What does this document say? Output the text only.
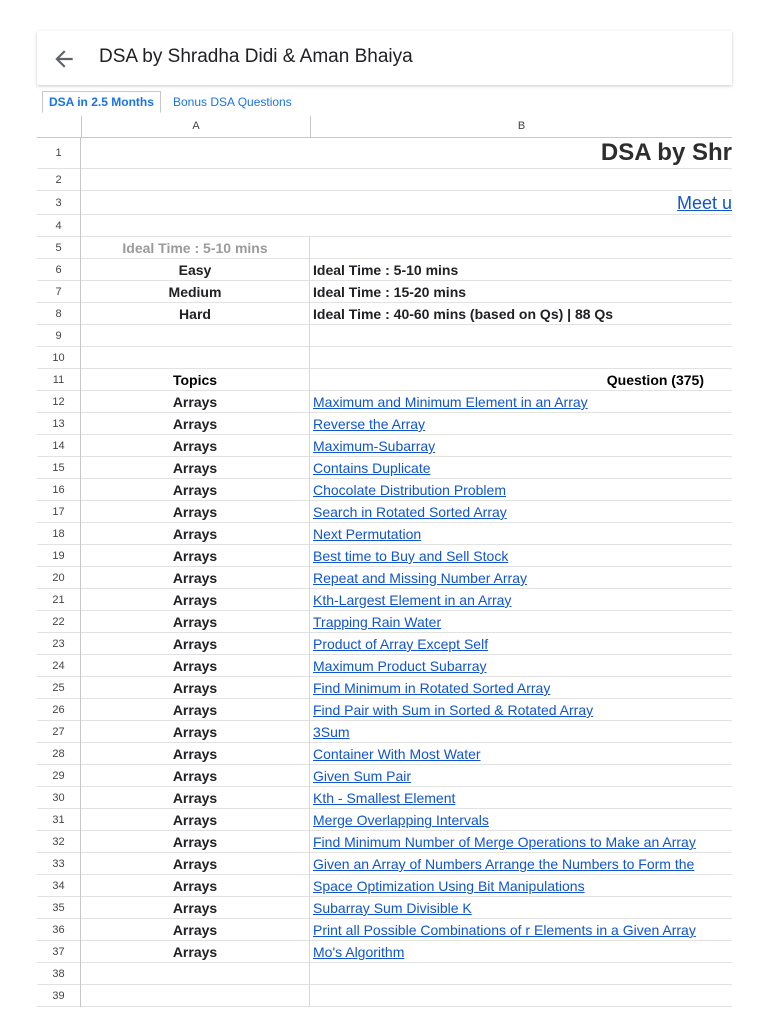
DSA by Shradha Didi & Aman Bhaiya
DSA in 2.5 Months	Bonus DSA Questions
A	B
1	DSA by Shr
2
3	Meet u
4
5	Ideal Time : 5-10 mins
6	Easy	Ideal Time : 5-10 mins
7	Medium	Ideal Time : 15-20 mins
8	Hard	Ideal Time : 40-60 mins (based on Qs) | 88 Qs
9
10
11	Topics	Question (375)
12	Arrays	Maximum and Minimum Element in an Array
13	Arrays	Reverse the Array
14	Arrays	Maximum-Subarray
15	Arrays	Contains Duplicate
16	Arrays	Chocolate Distribution Problem
17	Arrays	Search in Rotated Sorted Array
18	Arrays	Next Permutation
19	Arrays	Best time to Buy and Sell Stock
20	Arrays	Repeat and Missing Number Array
21	Arrays	Kth-Largest Element in an Array
22	Arrays	Trapping Rain Water
23	Arrays	Product of Array Except Self
24	Arrays	Maximum Product Subarray
25	Arrays	Find Minimum in Rotated Sorted Array
26	Arrays	Find Pair with Sum in Sorted & Rotated Array
27	Arrays	3Sum
28	Arrays	Container With Most Water
29	Arrays	Given Sum Pair
30	Arrays	Kth - Smallest Element
31	Arrays	Merge Overlapping Intervals
32	Arrays	Find Minimum Number of Merge Operations to Make an Array
33	Arrays	Given an Array of Numbers Arrange the Numbers to Form the
34	Arrays	Space Optimization Using Bit Manipulations
35	Arrays	Subarray Sum Divisible K
36	Arrays	Print all Possible Combinations of r Elements in a Given Array
37	Arrays	Mo's Algorithm
38
39
